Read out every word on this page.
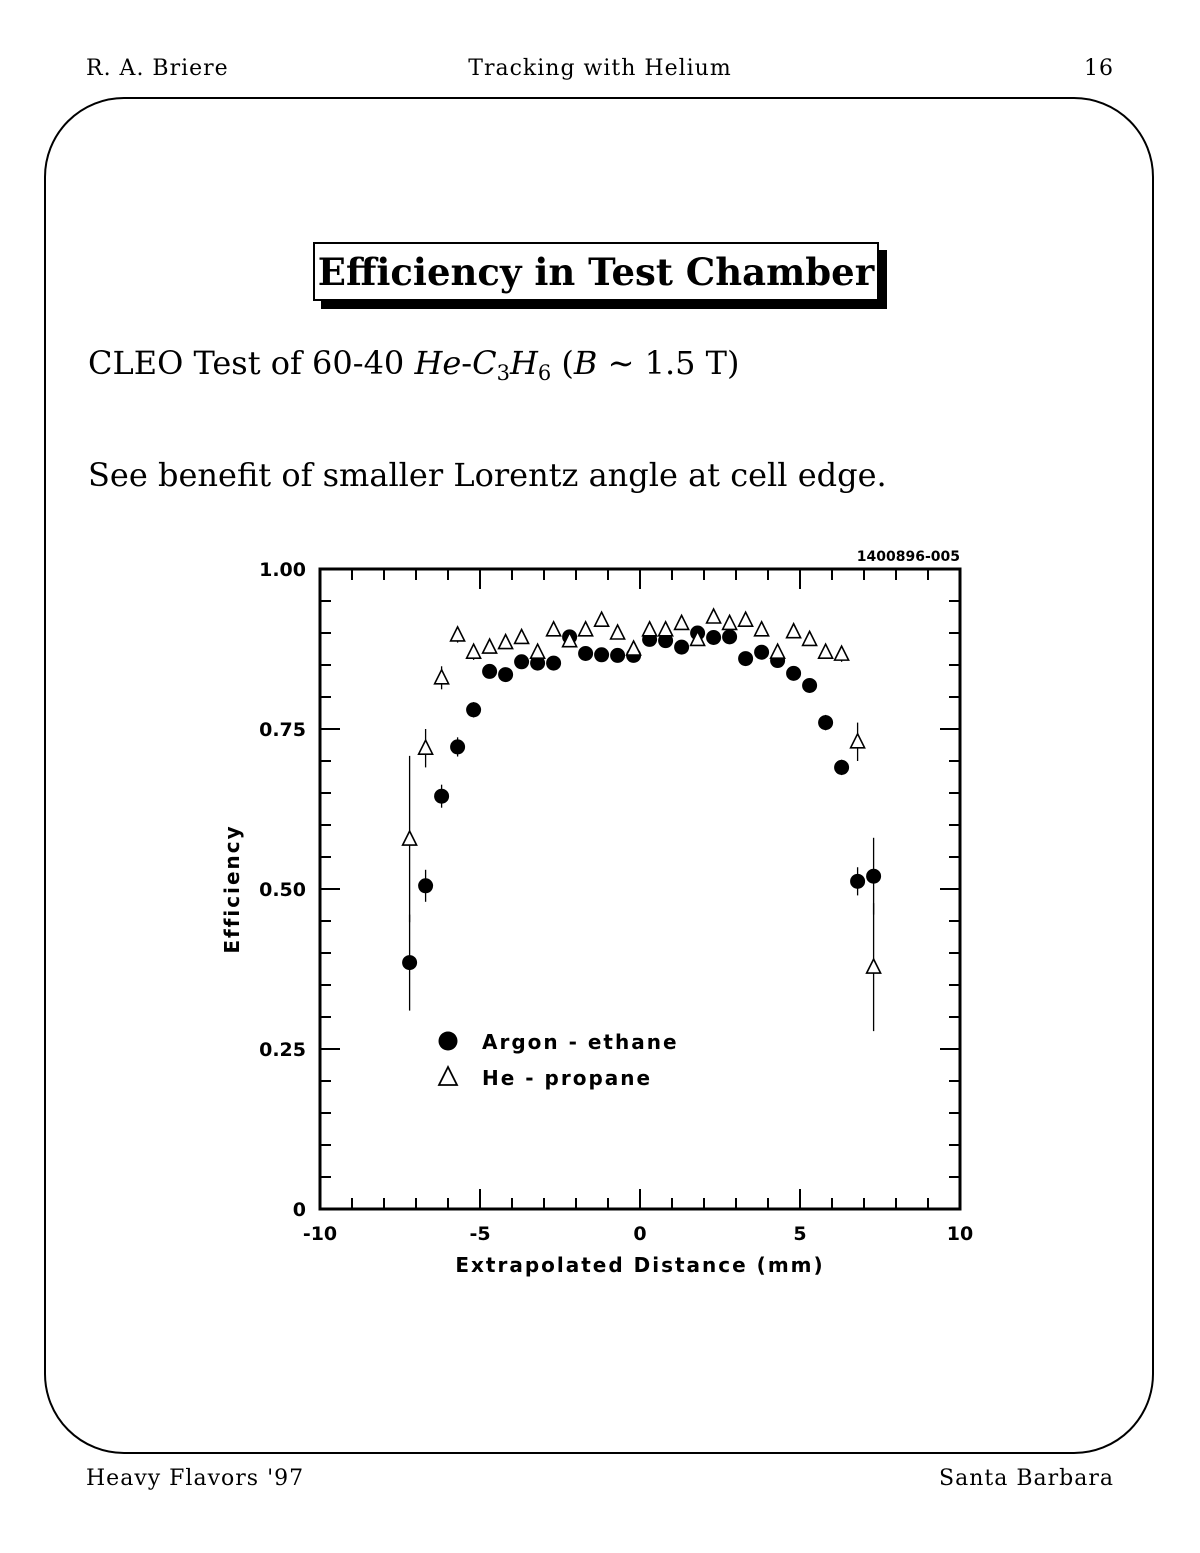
R. A. Briere	Tracking with Helium	16
Efficiency in Test Chamber
CLEO Test of 60-40 $He-C_3H_6$ (B ∼ 1.5 T)
See benefit of smaller Lorentz angle at cell edge.
-10	-5	0	5	10
0
0.25
0.50
0.75
1.00
Extrapolated Distance (mm)
Efficiency
1400896-005
Argon - ethane
He - propane
Heavy Flavors '97	Santa Barbara
